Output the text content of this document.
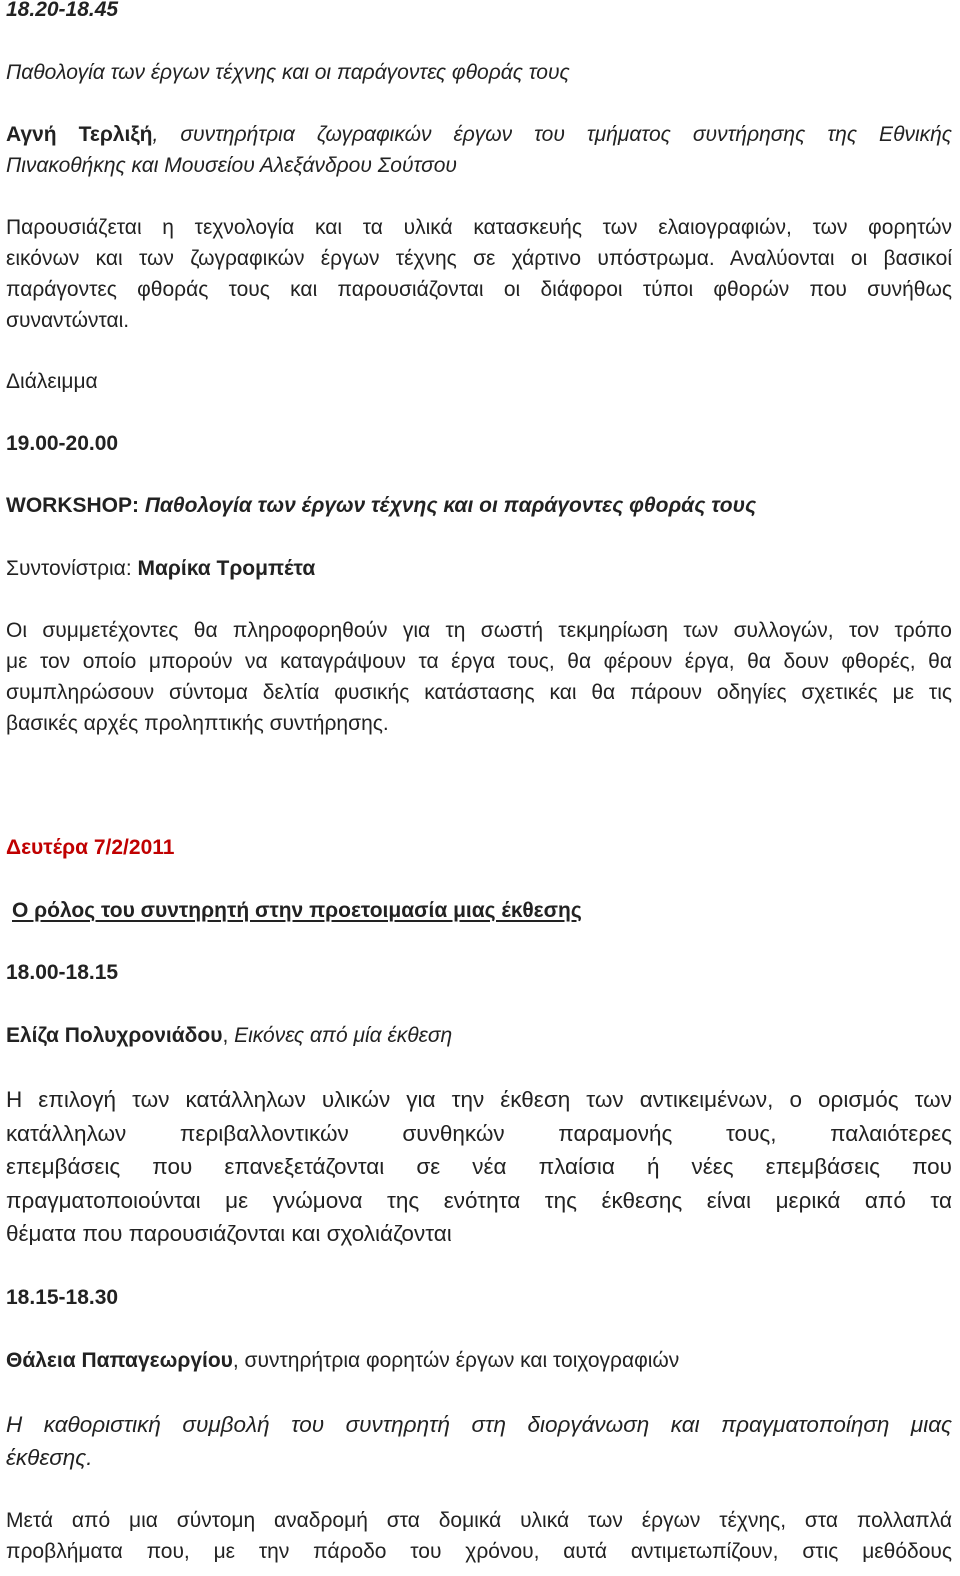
18.20-18.45
Παθολογία των έργων τέχνης και οι παράγοντες φθοράς τους
Αγνή Τερλιξή, συντηρήτρια ζωγραφικών έργων του τμήματος συντήρησης της Εθνικής
Πινακοθήκης και Μουσείου Αλεξάνδρου Σούτσου
Παρουσιάζεται η τεχνολογία και τα υλικά κατασκευής των ελαιογραφιών, των φορητών
εικόνων και των ζωγραφικών έργων τέχνης σε χάρτινο υπόστρωμα. Αναλύονται οι βασικοί
παράγοντες φθοράς τους και παρουσιάζονται οι διάφοροι τύποι φθορών που συνήθως
συναντώνται.
Διάλειμμα
19.00-20.00
WORKSHOP: Παθολογία των έργων τέχνης και οι παράγοντες φθοράς τους
Συντονίστρια: Μαρίκα Τρομπέτα
Οι συμμετέχοντες θα πληροφορηθούν για τη σωστή τεκμηρίωση των συλλογών, τον τρόπο
με τον οποίο μπορούν να καταγράψουν τα έργα τους, θα φέρουν έργα, θα δουν φθορές, θα
συμπληρώσουν σύντομα δελτία φυσικής κατάστασης και θα πάρουν οδηγίες σχετικές με τις
βασικές αρχές προληπτικής συντήρησης.
Δευτέρα 7/2/2011
Ο ρόλος του συντηρητή στην προετοιμασία μιας έκθεσης
18.00-18.15
Ελίζα Πολυχρονιάδου, Εικόνες από μία έκθεση
Η επιλογή των κατάλληλων υλικών για την έκθεση των αντικειμένων, ο ορισμός των
κατάλληλων περιβαλλοντικών συνθηκών παραμονής τους, παλαιότερες
επεμβάσεις που επανεξετάζονται σε νέα πλαίσια ή νέες επεμβάσεις που
πραγματοποιούνται με γνώμονα της ενότητα της έκθεσης είναι μερικά από τα
θέματα που παρουσιάζονται και σχολιάζονται
18.15-18.30
Θάλεια Παπαγεωργίου, συντηρήτρια φορητών έργων και τοιχογραφιών
Η καθοριστική συμβολή του συντηρητή στη διοργάνωση και πραγματοποίηση μιας
έκθεσης.
Μετά από μια σύντομη αναδρομή στα δομικά υλικά των έργων τέχνης, στα πολλαπλά
προβλήματα που, με την πάροδο του χρόνου, αυτά αντιμετωπίζουν, στις μεθόδους
